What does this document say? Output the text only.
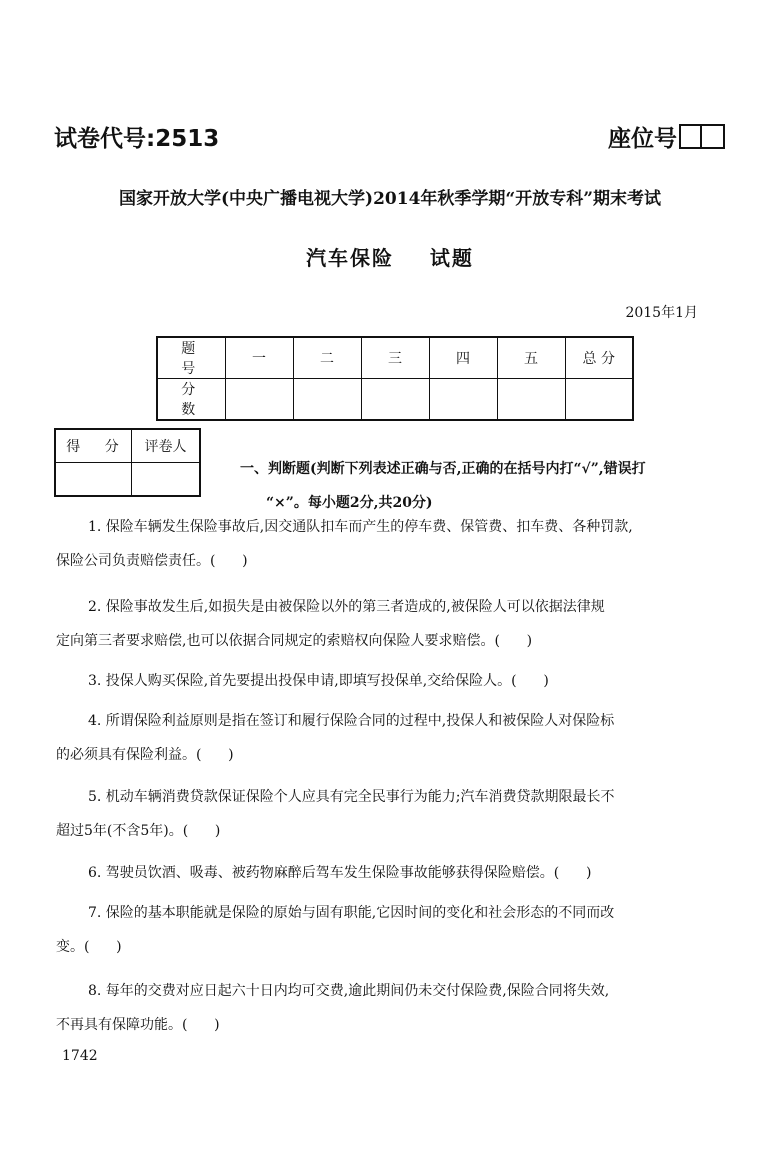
试卷代号:2513	座位号
国家开放大学(中央广播电视大学)2014年秋季学期“开放专科”期末考试
汽车保险    试题
2015年1月
题 号	一	二	三	四	五	总 分
分 数						
得 分	评卷人

一、判断题(判断下列表述正确与否,正确的在括号内打“√”,错误打
“×”。每小题2分,共20分)
1. 保险车辆发生保险事故后,因交通队扣车而产生的停车费、保管费、扣车费、各种罚款,
保险公司负责赔偿责任。(      )
2. 保险事故发生后,如损失是由被保险以外的第三者造成的,被保险人可以依据法律规
定向第三者要求赔偿,也可以依据合同规定的索赔权向保险人要求赔偿。(      )
3. 投保人购买保险,首先要提出投保申请,即填写投保单,交给保险人。(      )
4. 所谓保险利益原则是指在签订和履行保险合同的过程中,投保人和被保险人对保险标
的必须具有保险利益。(      )
5. 机动车辆消费贷款保证保险个人应具有完全民事行为能力;汽车消费贷款期限最长不
超过5年(不含5年)。(      )
6. 驾驶员饮酒、吸毒、被药物麻醉后驾车发生保险事故能够获得保险赔偿。(      )
7. 保险的基本职能就是保险的原始与固有职能,它因时间的变化和社会形态的不同而改
变。(      )
8. 每年的交费对应日起六十日内均可交费,逾此期间仍未交付保险费,保险合同将失效,
不再具有保障功能。(      )
1742
